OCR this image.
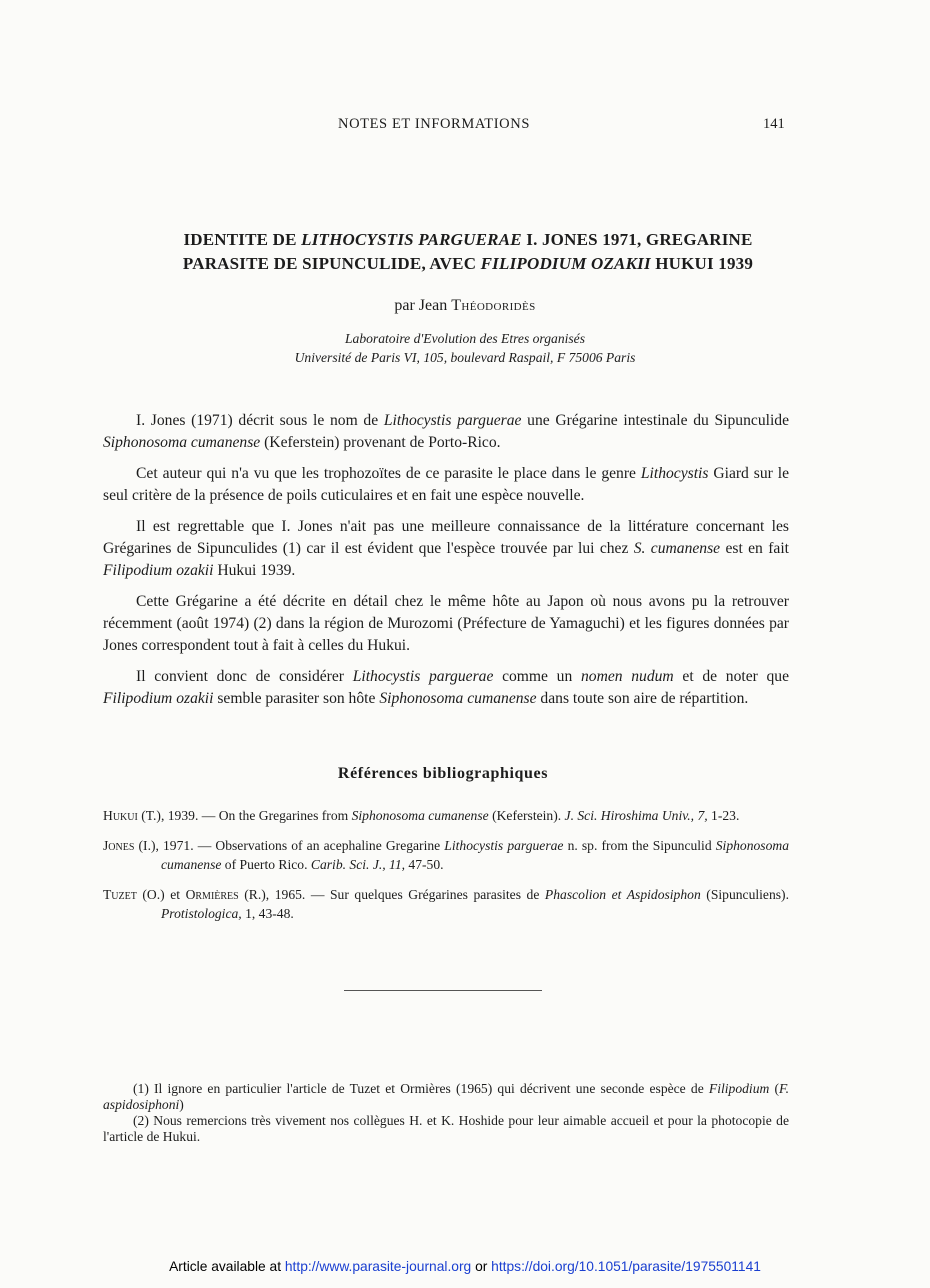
NOTES ET INFORMATIONS	141
IDENTITE DE LITHOCYSTIS PARGUERAE I. JONES 1971, GREGARINE
PARASITE DE SIPUNCULIDE, AVEC FILIPODIUM OZAKII HUKUI 1939
par Jean Théodoridès
Laboratoire d'Evolution des Etres organisés
Université de Paris VI, 105, boulevard Raspail, F 75006 Paris

I. Jones (1971) décrit sous le nom de Lithocystis parguerae une Grégarine intestinale du Sipunculide Siphonosoma cumanense (Keferstein) provenant de Porto-Rico.

Cet auteur qui n'a vu que les trophozoïtes de ce parasite le place dans le genre Lithocystis Giard sur le seul critère de la présence de poils cuticulaires et en fait une espèce nouvelle.

Il est regrettable que I. Jones n'ait pas une meilleure connaissance de la littérature concernant les Grégarines de Sipunculides (1) car il est évident que l'espèce trouvée par lui chez S. cumanense est en fait Filipodium ozakii Hukui 1939.

Cette Grégarine a été décrite en détail chez le même hôte au Japon où nous avons pu la retrouver récemment (août 1974) (2) dans la région de Murozomi (Préfecture de Yamaguchi) et les figures données par Jones correspondent tout à fait à celles du Hukui.

Il convient donc de considérer Lithocystis parguerae comme un nomen nudum et de noter que Filipodium ozakii semble parasiter son hôte Siphonosoma cumanense dans toute son aire de répartition.

Références bibliographiques

Hukui (T.), 1939. — On the Gregarines from Siphonosoma cumanense (Keferstein). J. Sci. Hiroshima Univ., 7, 1-23.

Jones (I.), 1971. — Observations of an acephaline Gregarine Lithocystis parguerae n. sp. from the Sipunculid Siphonosoma cumanense of Puerto Rico. Carib. Sci. J., 11, 47-50.

Tuzet (O.) et Ormières (R.), 1965. — Sur quelques Grégarines parasites de Phascolion et Aspidosiphon (Sipunculiens). Protistologica, 1, 43-48.

(1) Il ignore en particulier l'article de Tuzet et Ormières (1965) qui décrivent une seconde espèce de Filipodium (F. aspidosiphoni)

(2) Nous remercions très vivement nos collègues H. et K. Hoshide pour leur aimable accueil et pour la photocopie de l'article de Hukui.

Article available at http://www.parasite-journal.org or https://doi.org/10.1051/parasite/1975501141
